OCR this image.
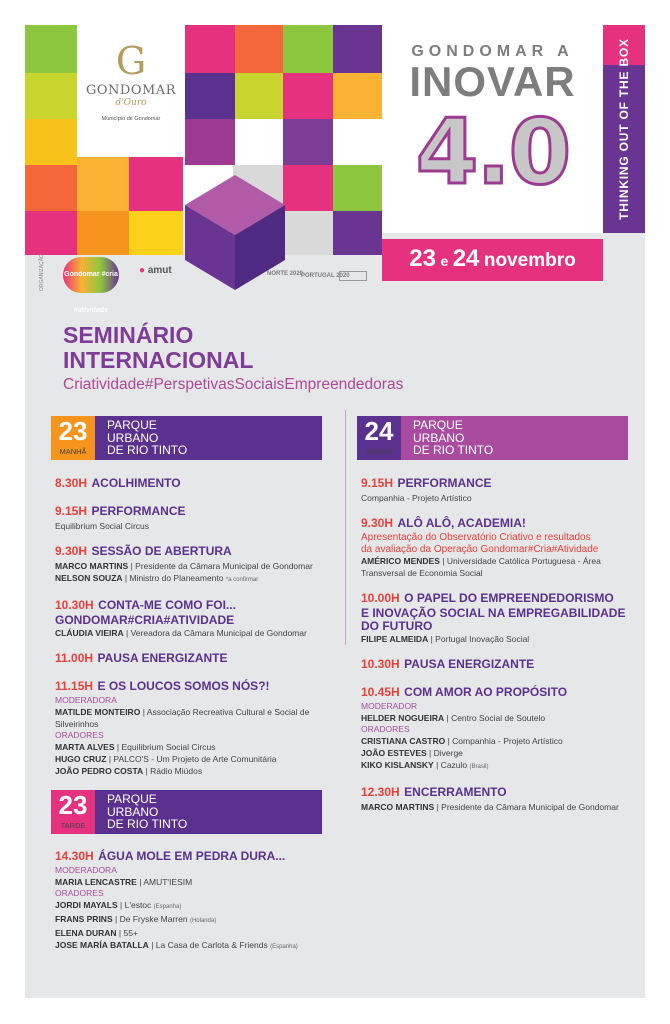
G
GONDOMAR
d'Ouro
Município de Gondomar
GONDOMAR A
INOVAR
4.0	THINKING OUT OF THE BOX
23 e 24 novembro
ORGANIZAÇÃO	Gondomar #cria #atividade
● amut	NORTE 2020
PORTUGAL 2020
SEMINÁRIO
INTERNACIONAL
Criatividade#PerspetivasSociaisEmpreendedoras
23
MANHÃ
PARQUE
URBANO
DE RIO TINTO
24
MANHÃ
PARQUE
URBANO
DE RIO TINTO
8.30H ACOLHIMENTO
9.15H PERFORMANCE
Equilibrium Social Circus
9.30H SESSÃO DE ABERTURA
MARCO MARTINS | Presidente da Câmara Municipal de Gondomar
NELSON SOUZA | Ministro do Planeamento *a confirmar
10.30H CONTA-ME COMO FOI...
GONDOMAR#CRIA#ATIVIDADE
CLÁUDIA VIEIRA | Vereadora da Câmara Municipal de Gondomar
11.00H PAUSA ENERGIZANTE
11.15H E OS LOUCOS SOMOS NÓS?!
MODERADORA
MATILDE MONTEIRO | Associação Recreativa Cultural e Social de Silveirinhos
ORADORES
MARTA ALVES | Equilibrium Social Circus
HUGO CRUZ | PALCO'S - Um Projeto de Arte Comunitária
JOÃO PEDRO COSTA | Rádio Miúdos
23
TARDE
PARQUE
URBANO
DE RIO TINTO
14.30H ÁGUA MOLE EM PEDRA DURA...
MODERADORA
MARIA LENCASTRE | AMUT'IESIM
ORADORES
JORDI MAYALS | L'estoc (Espanha)
FRANS PRINS | De Fryske Marren (Holanda)
ELENA DURAN | 55+
JOSE MARÍA BATALLA | La Casa de Carlota & Friends (Espanha)
9.15H PERFORMANCE
Companhia - Projeto Artístico
9.30H ALÔ ALÔ, ACADEMIA!
Apresentação do Observatório Criativo e resultados
da avaliação da Operação Gondomar#Cria#Atividade
AMÉRICO MENDES | Universidade Católica Portuguesa - Área Transversal de Economia Social
10.00H O PAPEL DO EMPREENDEDORISMO
E INOVAÇÃO SOCIAL NA EMPREGABILIDADE
DO FUTURO
FILIPE ALMEIDA | Portugal Inovação Social
10.30H PAUSA ENERGIZANTE
10.45H COM AMOR AO PROPÓSITO
MODERADOR
HELDER NOGUEIRA | Centro Social de Soutelo
ORADORES
CRISTIANA CASTRO | Companhia - Projeto Artístico
JOÃO ESTEVES | Diverge
KIKO KISLANSKY | Cazulo (Brasil)
12.30H ENCERRAMENTO
MARCO MARTINS | Presidente da Câmara Municipal de Gondomar
